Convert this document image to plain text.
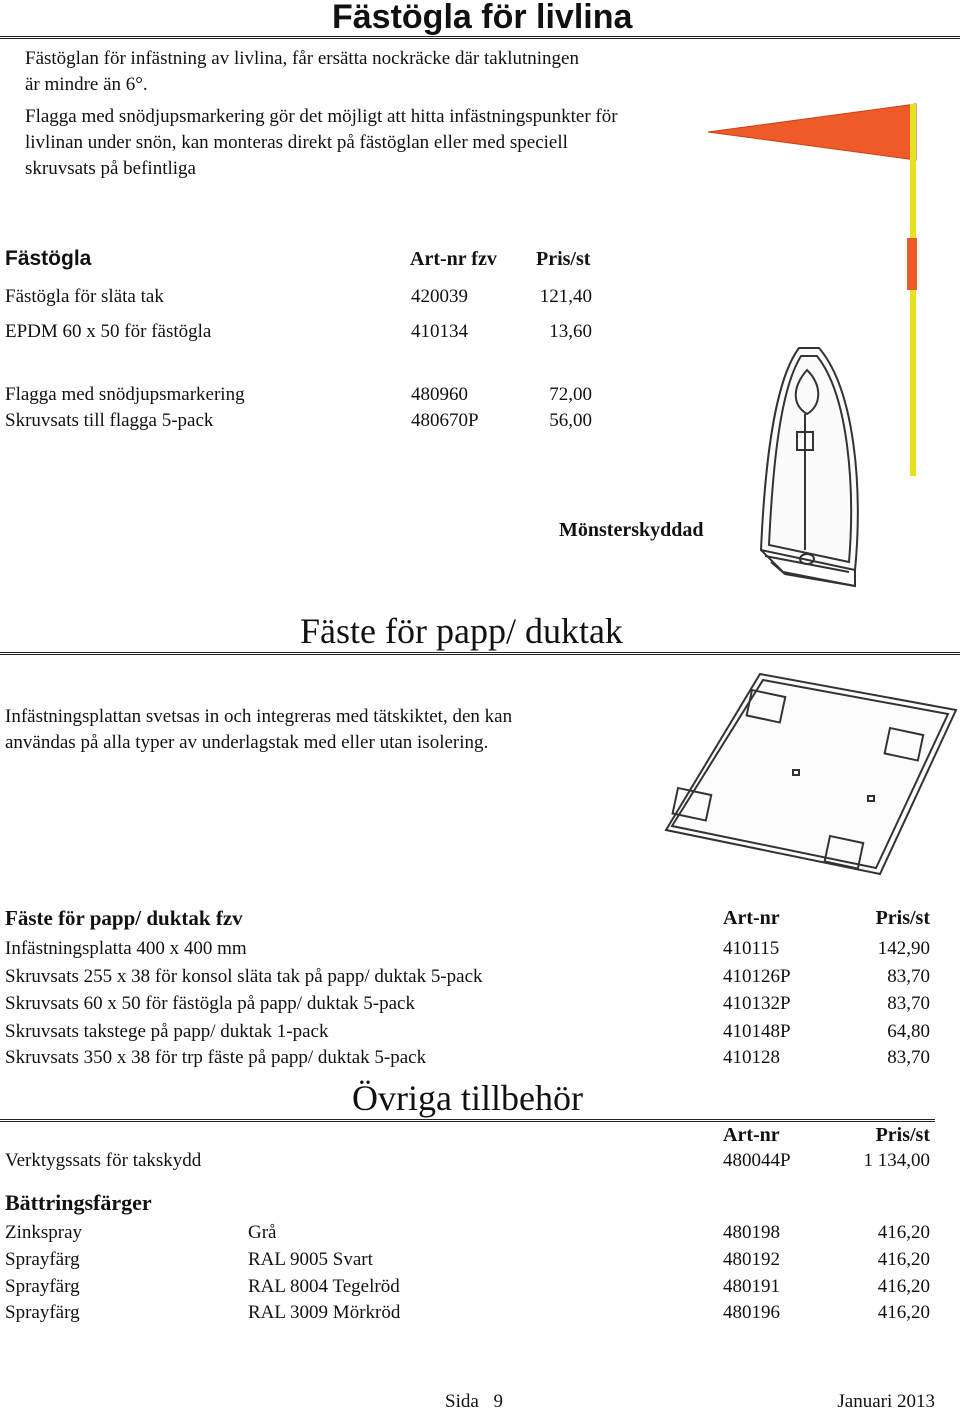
Fästögla för livlina
Fästöglan för infästning av livlina, får ersätta nockräcke där taklutningen är mindre än 6°.
Flagga med snödjupsmarkering gör det möjligt att hitta infästningspunkter för livlinan under snön, kan monteras direkt på fästöglan eller med speciell skruvsats på befintliga
Fästögla	Art-nr fzv Pris/st
Fästögla för släta tak	420039	121,40
EPDM 60 x 50 för fästögla	410134	13,60
Flagga med snödjupsmarkering	480960	72,00
Skruvsats till flagga 5-pack	480670P	56,00
Mönsterskyddad
Fäste för papp/ duktak
Infästningsplattan svetsas in och integreras med tätskiktet, den kan användas på alla typer av underlagstak med eller utan isolering.
Fäste för papp/ duktak fzv	Art-nr	Pris/st
Infästningsplatta 400 x 400 mm	410115	142,90
Skruvsats 255 x 38 för konsol släta tak på papp/ duktak 5-pack	410126P	83,70
Skruvsats 60 x 50 för fästögla på papp/ duktak 5-pack	410132P	83,70
Skruvsats takstege på papp/ duktak 1-pack	410148P	64,80
Skruvsats 350 x 38 för trp fäste på papp/ duktak 5-pack	410128	83,70
Övriga tillbehör
Art-nr	Pris/st
Verktygssats för takskydd	480044P	1 134,00
Bättringsfärger
Zinkspray	Grå	480198	416,20
Sprayfärg	RAL 9005 Svart	480192	416,20
Sprayfärg	RAL 8004 Tegelröd	480191	416,20
Sprayfärg	RAL 3009 Mörkröd	480196	416,20
Sida 9	Januari 2013
